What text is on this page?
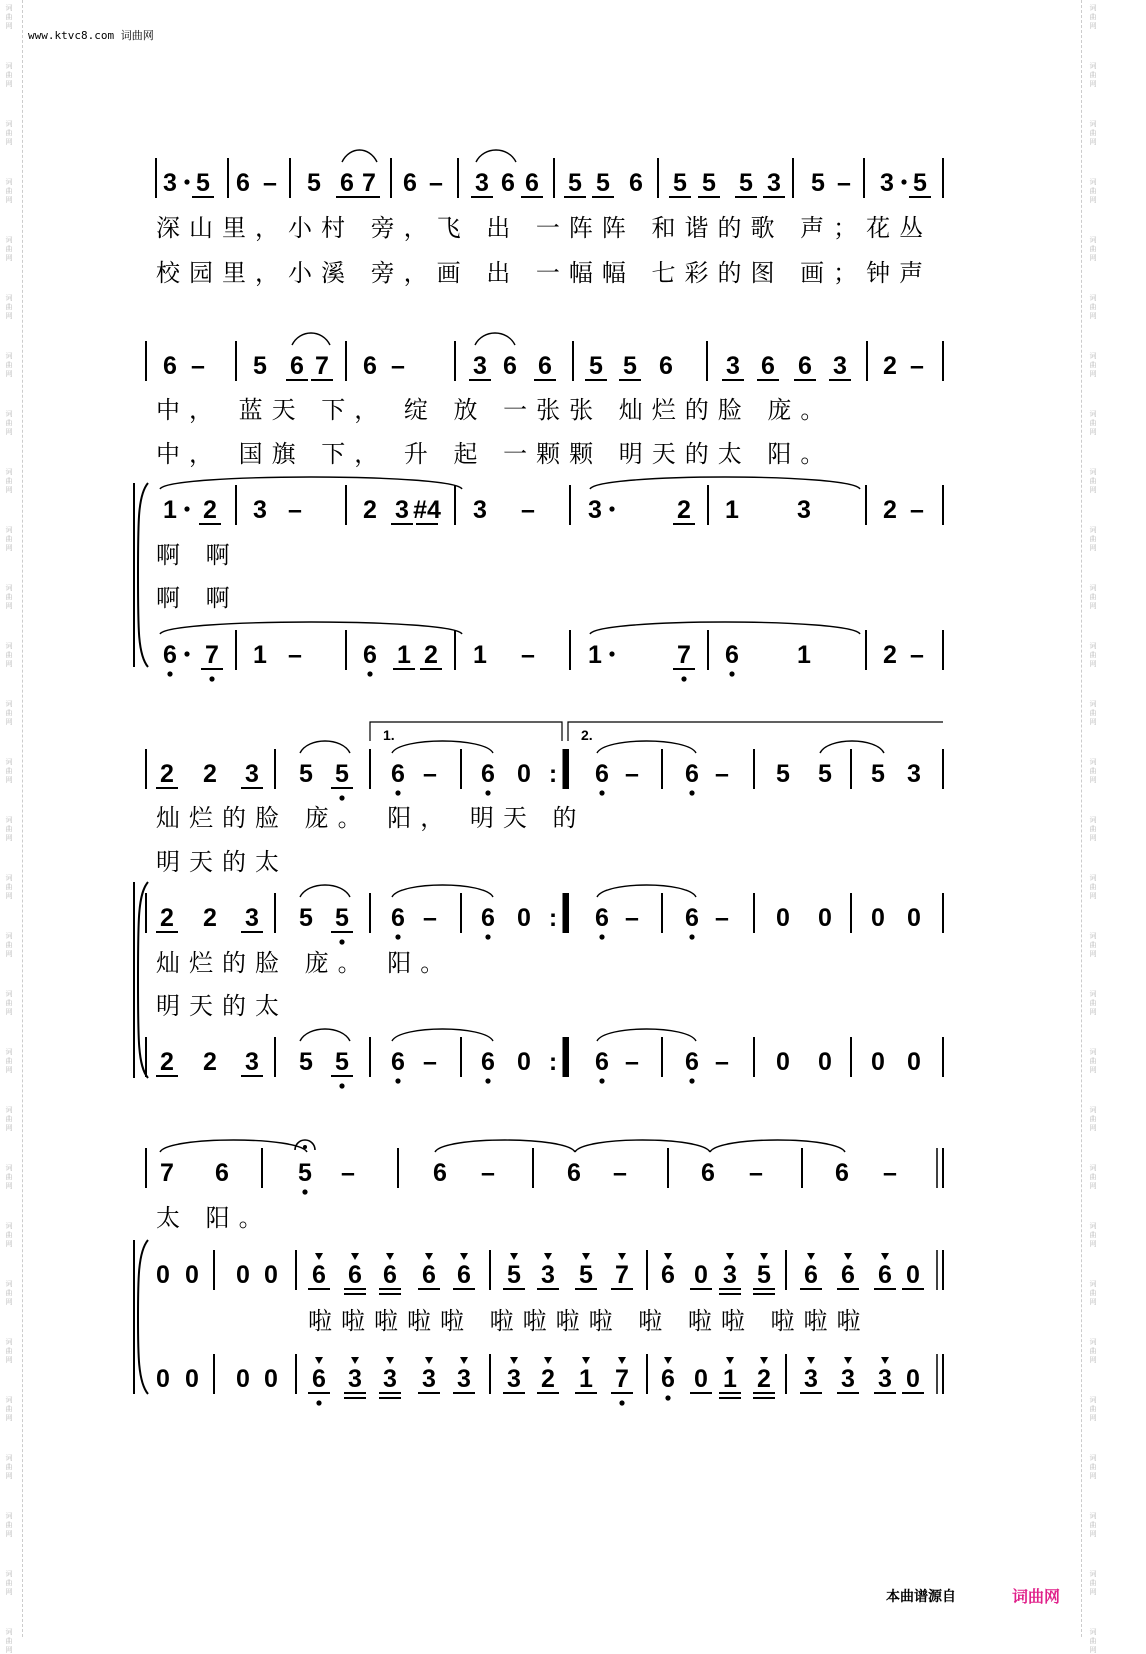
词
曲
网
词
曲
网
词
曲
网
词
曲
网
词
曲
网
词
曲
网
词
曲
网
词
曲
网
词
曲
网
词
曲
网
词
曲
网
词
曲
网
词
曲
网
词
曲
网
词
曲
网
词
曲
网
词
曲
网
词
曲
网
词
曲
网
词
曲
网
词
曲
网
词
曲
网
词
曲
网
词
曲
网
词
曲
网
词
曲
网
词
曲
网
词
曲
网
词
曲
网
词
曲
网
词
曲
网
词
曲
网
词
曲
网
词
曲
网
词
曲
网
词
曲
网
词
曲
网
词
曲
网
词
曲
网
词
曲
网
词
曲
网
词
曲
网
词
曲
网
词
曲
网
词
曲
网
词
曲
网
词
曲
网
词
曲
网
词
曲
网
词
曲
网
词
曲
网
词
曲
网
词
曲
网
词
曲
网
词
曲
网
词
曲
网
词
曲
网
词
曲
网
www.ktvc8.com 词曲网
1.	2.
3 5 6 – 5 6 7 6 – 3 6 6 5 5 6 5 5 5 3 5 – 3 5
6 – 5 6 7 6 –	3 6 6 5 5 6 3 6 6 3 2 –
1 2 3 – 2 3 #4 3 – 3	2 1 3	2 –
6 7 1 – 6 1 2 1 – 1	7 6 1	2 –
2 2 3 5 5 6 – 6 0 : 6 – 6 – 5 5 5 3
2 2 3 5 5 6 – 6 0 : 6 – 6 – 0 0 0 0
2 2 3 5 5 6 – 6 0 : 6 – 6 – 0 0 0 0
7 6	5 –	6 –	6 –	6 –	6 –
0 0 0 0 6 6 6 6 6 5 3 5 7 6 0 3 5 6 6 6 0
0 0 0 0 6 3 3 3 3 3 2 1 7 6 0 1 2 3 3 3 0
深山里，小村 旁，飞 出 一阵阵 和谐的歌 声；花丛
校园里，小溪 旁，画 出 一幅幅 七彩的图 画；钟声
中， 蓝天 下， 绽 放 一张张 灿烂的脸 庞。
中， 国旗 下， 升 起 一颗颗 明天的太 阳。
啊 啊
啊 啊
灿烂的脸 庞。 阳， 明天 的
明天的太
灿烂的脸 庞。 阳。
明天的太
太 阳。
啦啦啦啦啦 啦啦啦啦 啦 啦啦 啦啦啦
本曲谱源自	词曲网
